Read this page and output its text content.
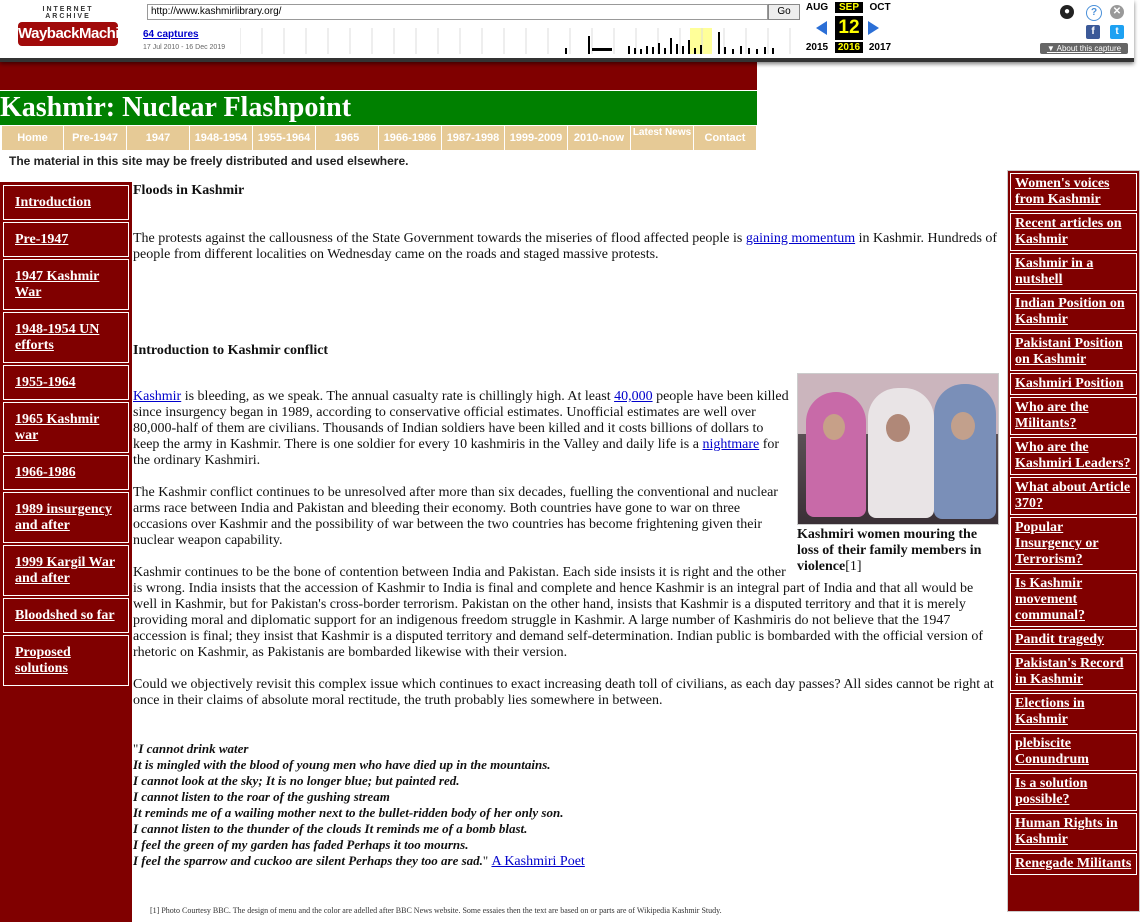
INTERNET ARCHIVE
WaybackMachine
http://www.kashmirlibrary.org/	Go
64 captures
17 Jul 2010 - 16 Dec 2019
AUG	SEP	OCT
12
2015 2016 2017
●	?	✕
f	t
▼ About this capture
Kashmir: Nuclear Flashpoint
Home	Pre-1947	1947	1948-1954 1955-1964	1965	1966-1986 1987-1998 1999-2009	2010-now Latest News	Contact
The material in this site may be freely distributed and used elsewhere.
Introduction
Pre-1947
1947 Kashmir War
1948-1954 UN efforts
1955-1964
1965 Kashmir war
1966-1986
1989 insurgency and after
1999 Kargil War and after
Bloodshed so far
Proposed solutions
Women's voices from Kashmir
Recent articles on Kashmir
Kashmir in a nutshell
Indian Position on Kashmir
Pakistani Position on Kashmir
Kashmiri Position
Who are the Militants?
Who are the Kashmiri Leaders?
What about Article 370?
Popular Insurgency or Terrorism?
Is Kashmir movement communal?
Pandit tragedy
Pakistan's Record in Kashmir
Elections in Kashmir
plebiscite Conundrum
Is a solution possible?
Human Rights in Kashmir
Renegade Militants
Floods in Kashmir

The protests against the callousness of the State Government towards the miseries of flood affected people is gaining momentum in Kashmir. Hundreds of people from different localities on Wednesday came on the roads and staged massive protests.

Introduction to Kashmir conflict
Kashmiri women mouring the loss of their family members in violence[1]

Kashmir is bleeding, as we speak. The annual casualty rate is chillingly high. At least 40,000 people have been killed since insurgency began in 1989, according to conservative official estimates. Unofficial estimates are well over 80,000-half of them are civilians. Thousands of Indian soldiers have been killed and it costs billions of dollars to keep the army in Kashmir. There is one soldier for every 10 kashmiris in the Valley and daily life is a nightmare for the ordinary Kashmiri.

The Kashmir conflict continues to be unresolved after more than six decades, fuelling the conventional and nuclear arms race between India and Pakistan and bleeding their economy. Both countries have gone to war on three occasions over Kashmir and the possibility of war between the two countries has become frightening given their nuclear weapon capability.

Kashmir continues to be the bone of contention between India and Pakistan. Each side insists it is right and the other is wrong. India insists that the accession of Kashmir to India is final and complete and hence Kashmir is an integral part of India and that all would be well in Kashmir, but for Pakistan's cross-border terrorism. Pakistan on the other hand, insists that Kashmir is a disputed territory and that it is merely providing moral and diplomatic support for an indigenous freedom struggle in Kashmir. A large number of Kashmiris do not believe that the 1947 accession is final; they insist that Kashmir is a disputed territory and demand self-determination. Indian public is bombarded with the official version of rhetoric on Kashmir, as Pakistanis are bombarded likewise with their version.

Could we objectively revisit this complex issue which continues to exact increasing death toll of civilians, as each day passes? All sides cannot be right at once in their claims of absolute moral rectitude, the truth probably lies somewhere in between.

"I cannot drink water
It is mingled with the blood of young men who have died up in the mountains.
I cannot look at the sky; It is no longer blue; but painted red.
I cannot listen to the roar of the gushing stream
It reminds me of a wailing mother next to the bullet-ridden body of her only son.
I cannot listen to the thunder of the clouds It reminds me of a bomb blast.
I feel the green of my garden has faded Perhaps it too mourns.
I feel the sparrow and cuckoo are silent Perhaps they too are sad." A Kashmiri Poet
[1] Photo Courtesy BBC. The design of menu and the color are adelled after BBC News website. Some essaies then the text are based on or parts are of Wikipedia Kashmir Study.
